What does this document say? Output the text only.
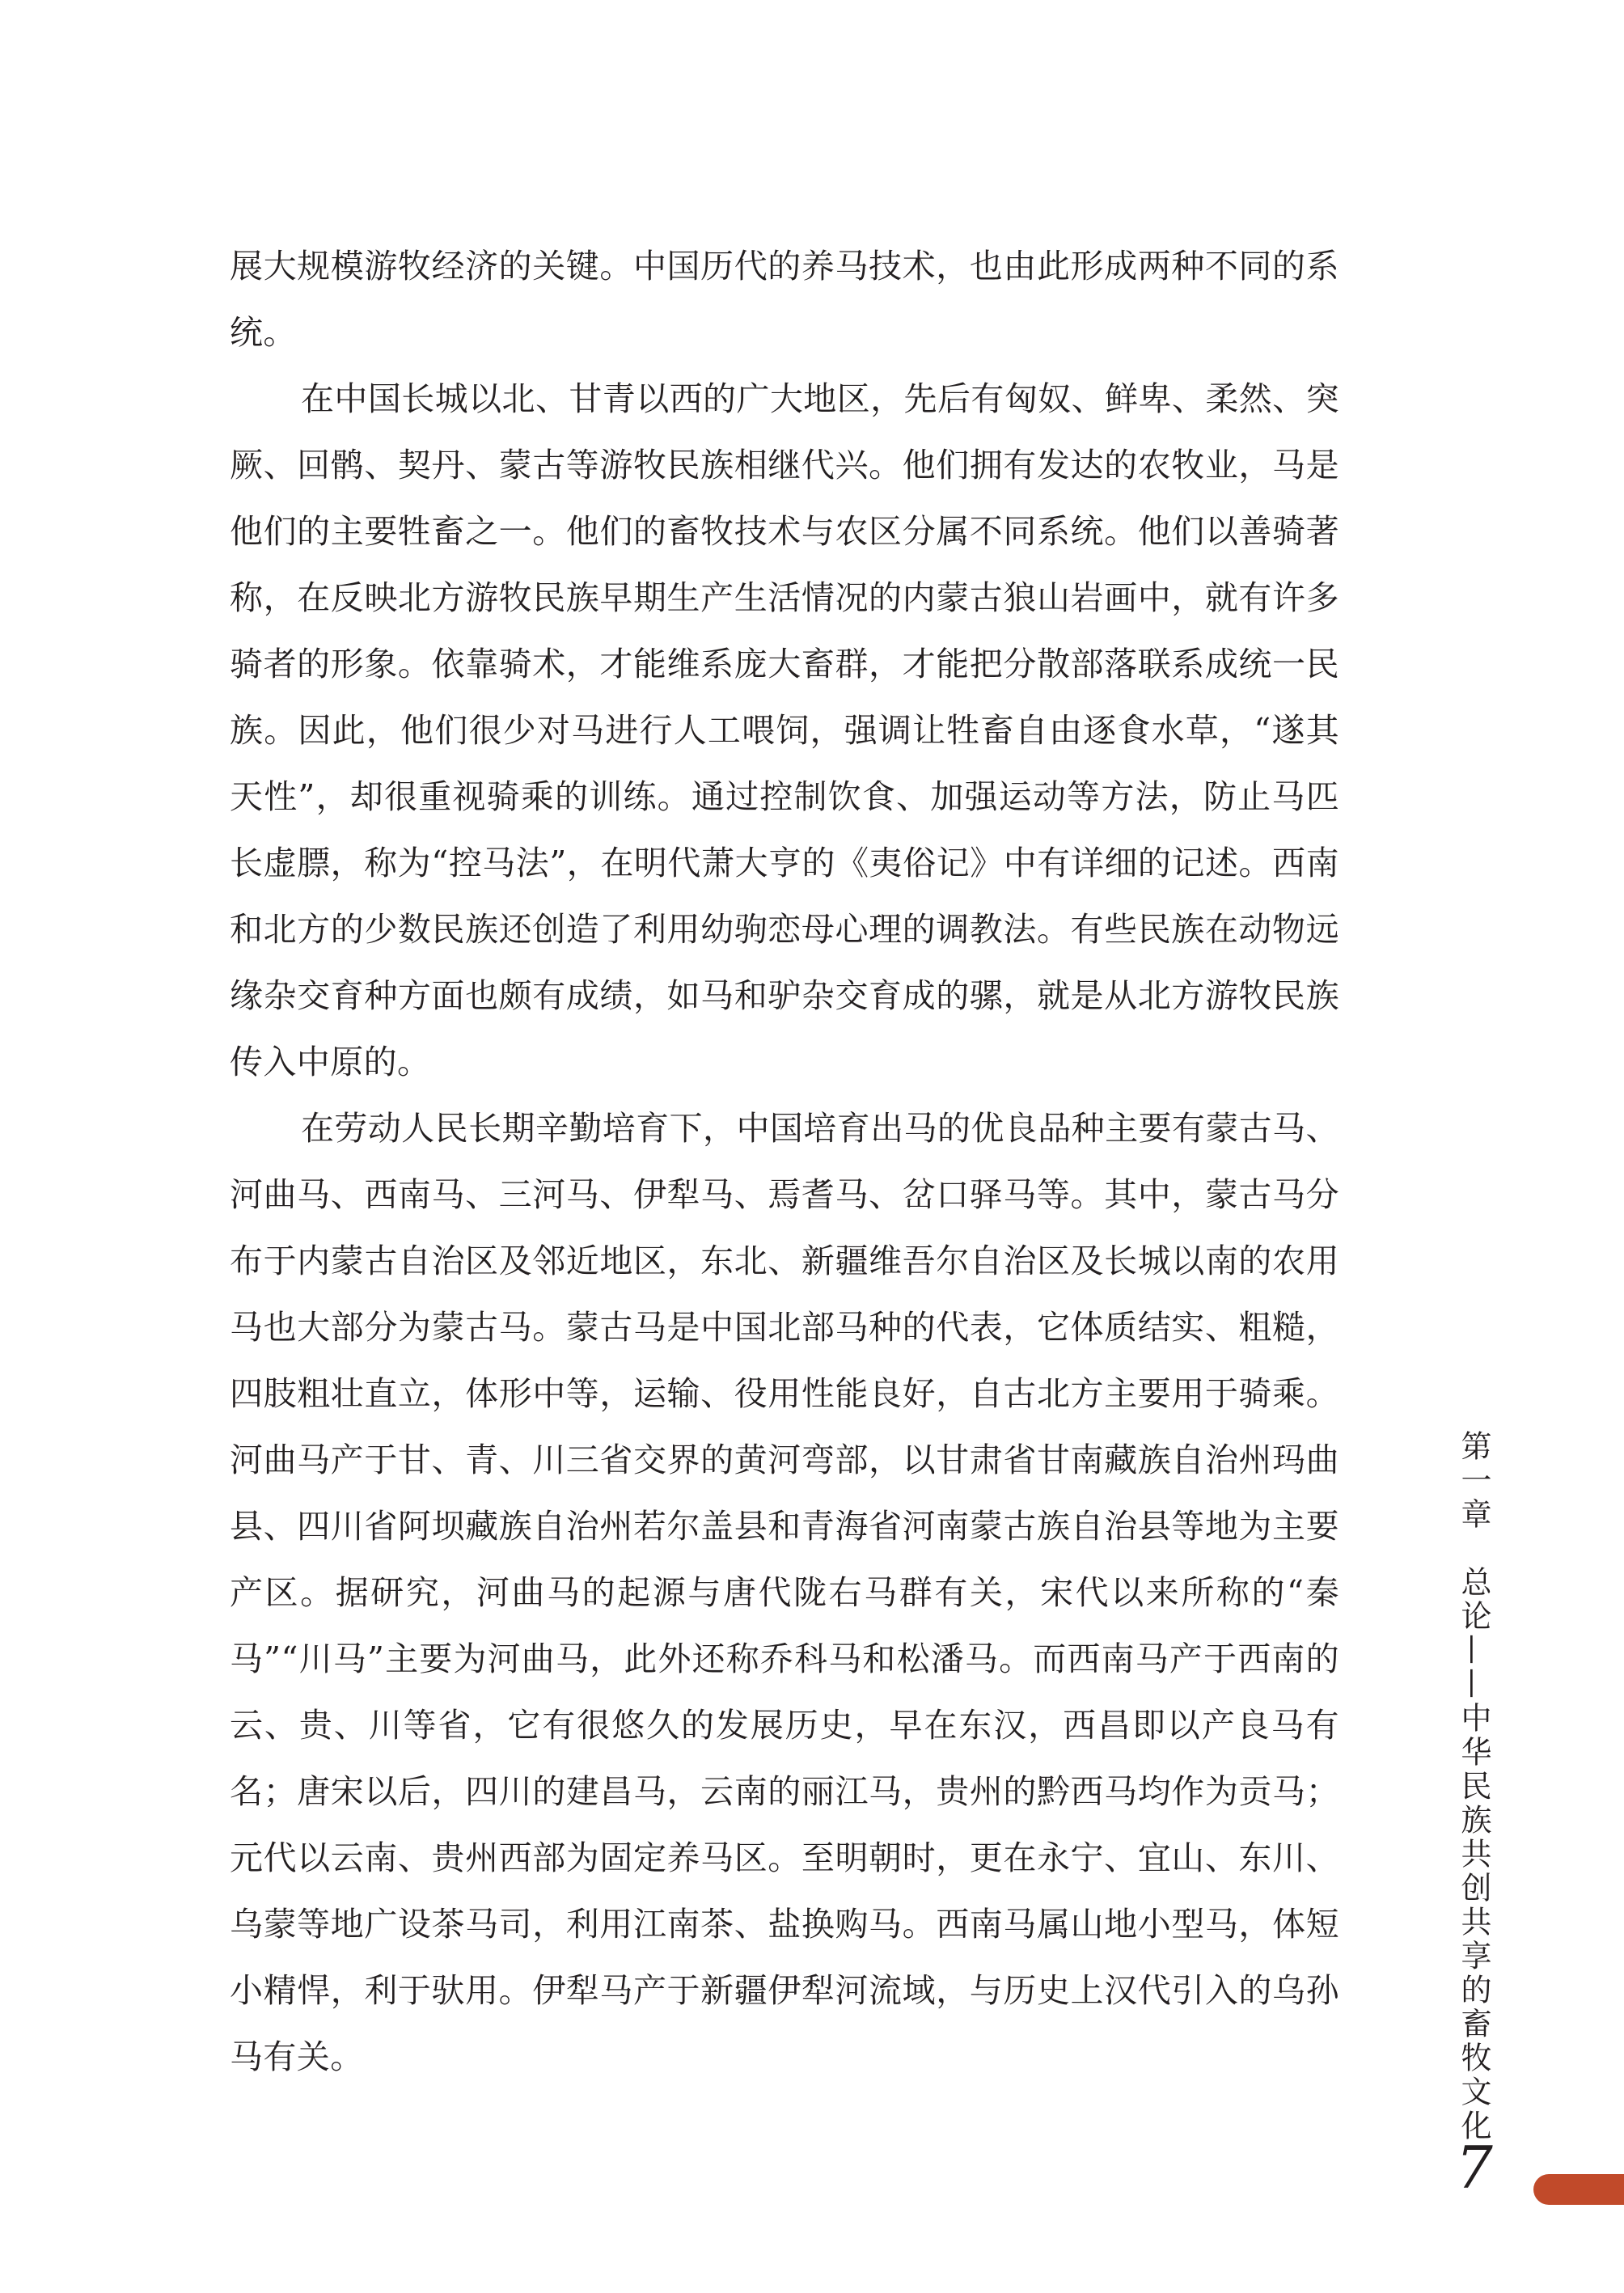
展大规模游牧经济的关键。中国历代的养马技术，也由此形成两种不同的系统。

在中国长城以北、甘青以西的广大地区，先后有匈奴、鲜卑、柔然、突厥、回鹘、契丹、蒙古等游牧民族相继代兴。他们拥有发达的农牧业，马是他们的主要牲畜之一。他们的畜牧技术与农区分属不同系统。他们以善骑著称，在反映北方游牧民族早期生产生活情况的内蒙古狼山岩画中，就有许多骑者的形象。依靠骑术，才能维系庞大畜群，才能把分散部落联系成统一民族。因此，他们很少对马进行人工喂饲，强调让牲畜自由逐食水草，“遂其天性”，却很重视骑乘的训练。通过控制饮食、加强运动等方法，防止马匹长虚膘，称为“控马法”，在明代萧大亨的《夷俗记》中有详细的记述。西南和北方的少数民族还创造了利用幼驹恋母心理的调教法。有些民族在动物远缘杂交育种方面也颇有成绩，如马和驴杂交育成的骡，就是从北方游牧民族传入中原的。

在劳动人民长期辛勤培育下，中国培育出马的优良品种主要有蒙古马、河曲马、西南马、三河马、伊犁马、焉耆马、岔口驿马等。其中，蒙古马分布于内蒙古自治区及邻近地区，东北、新疆维吾尔自治区及长城以南的农用马也大部分为蒙古马。蒙古马是中国北部马种的代表，它体质结实、粗糙，四肢粗壮直立，体形中等，运输、役用性能良好，自古北方主要用于骑乘。河曲马产于甘、青、川三省交界的黄河弯部，以甘肃省甘南藏族自治州玛曲县、四川省阿坝藏族自治州若尔盖县和青海省河南蒙古族自治县等地为主要产区。据研究，河曲马的起源与唐代陇右马群有关，宋代以来所称的“秦马”“川马”主要为河曲马，此外还称乔科马和松潘马。而西南马产于西南的云、贵、川等省，它有很悠久的发展历史，早在东汉，西昌即以产良马有名；唐宋以后，四川的建昌马，云南的丽江马，贵州的黔西马均作为贡马；元代以云南、贵州西部为固定养马区。至明朝时，更在永宁、宜山、东川、乌蒙等地广设茶马司，利用江南茶、盐换购马。西南马属山地小型马，体短小精悍，利于驮用。伊犁马产于新疆伊犁河流域，与历史上汉代引入的乌孙马有关。	第一章　总论——中华民族共创共享的畜牧文化
7
